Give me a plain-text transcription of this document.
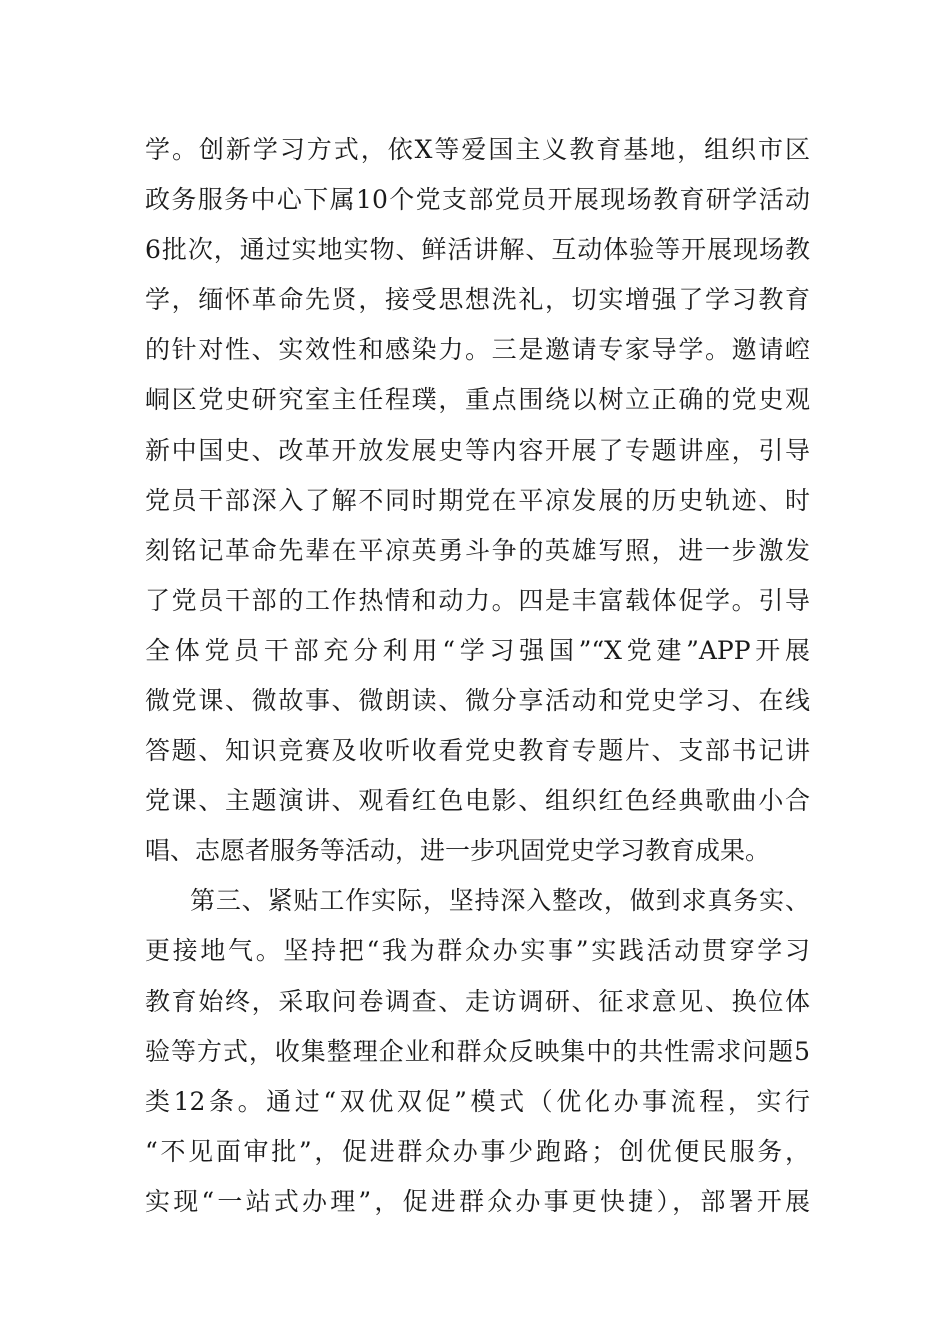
学。创新学习方式，依X等爱国主义教育基地，组织市区
政务服务中心下属10个党支部党员开展现场教育研学活动
6批次，通过实地实物、鲜活讲解、互动体验等开展现场教
学，缅怀革命先贤，接受思想洗礼，切实增强了学习教育
的针对性、实效性和感染力。三是邀请专家导学。邀请崆
峒区党史研究室主任程璞，重点围绕以树立正确的党史观
新中国史、改革开放发展史等内容开展了专题讲座，引导
党员干部深入了解不同时期党在平凉发展的历史轨迹、时
刻铭记革命先辈在平凉英勇斗争的英雄写照，进一步激发
了党员干部的工作热情和动力。四是丰富载体促学。引导
全体党员干部充分利用“学习强国”“X党建”APP开展
微党课、微故事、微朗读、微分享活动和党史学习、在线
答题、知识竞赛及收听收看党史教育专题片、支部书记讲
党课、主题演讲、观看红色电影、组织红色经典歌曲小合
唱、志愿者服务等活动，进一步巩固党史学习教育成果。
第三、紧贴工作实际，坚持深入整改，做到求真务实、
更接地气。坚持把“我为群众办实事”实践活动贯穿学习
教育始终，采取问卷调查、走访调研、征求意见、换位体
验等方式，收集整理企业和群众反映集中的共性需求问题5
类12条。通过“双优双促”模式（优化办事流程，实行
“不见面审批”，促进群众办事少跑路；创优便民服务，
实现“一站式办理”，促进群众办事更快捷），部署开展
